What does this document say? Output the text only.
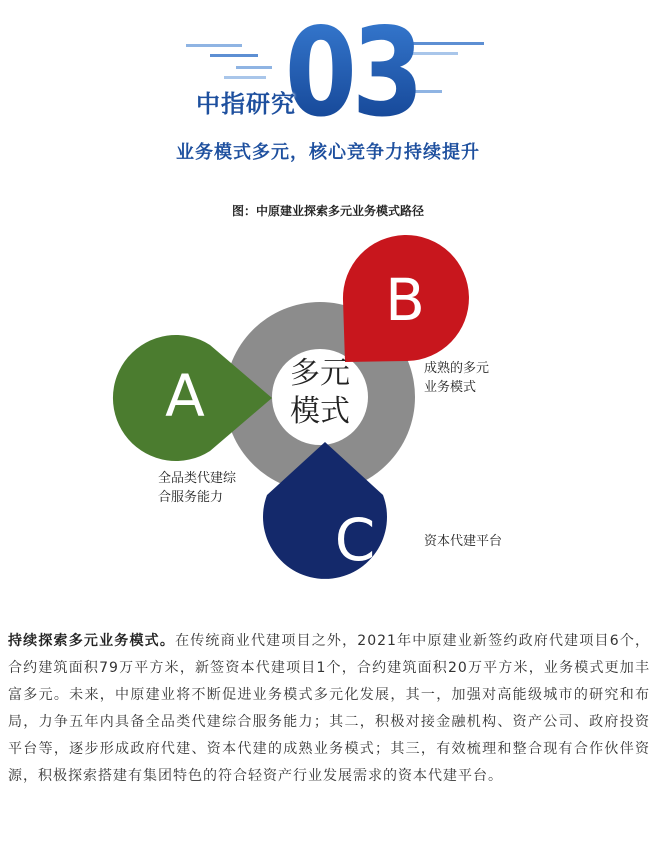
03
中指研究
业务模式多元，核心竞争力持续提升
图：中原建业探索多元业务模式路径
A
B
C
多元
模式
全品类代建综
合服务能力
成熟的多元
业务模式
资本代建平台
持续探索多元业务模式。在传统商业代建项目之外，2021年中原建业新签约政府代建项目6个，合约建筑面积79万平方米，新签资本代建项目1个，合约建筑面积20万平方米，业务模式更加丰富多元。未来，中原建业将不断促进业务模式多元化发展，其一，加强对高能级城市的研究和布局，力争五年内具备全品类代建综合服务能力；其二，积极对接金融机构、资产公司、政府投资平台等，逐步形成政府代建、资本代建的成熟业务模式；其三，有效梳理和整合现有合作伙伴资源，积极探索搭建有集团特色的符合轻资产行业发展需求的资本代建平台。
